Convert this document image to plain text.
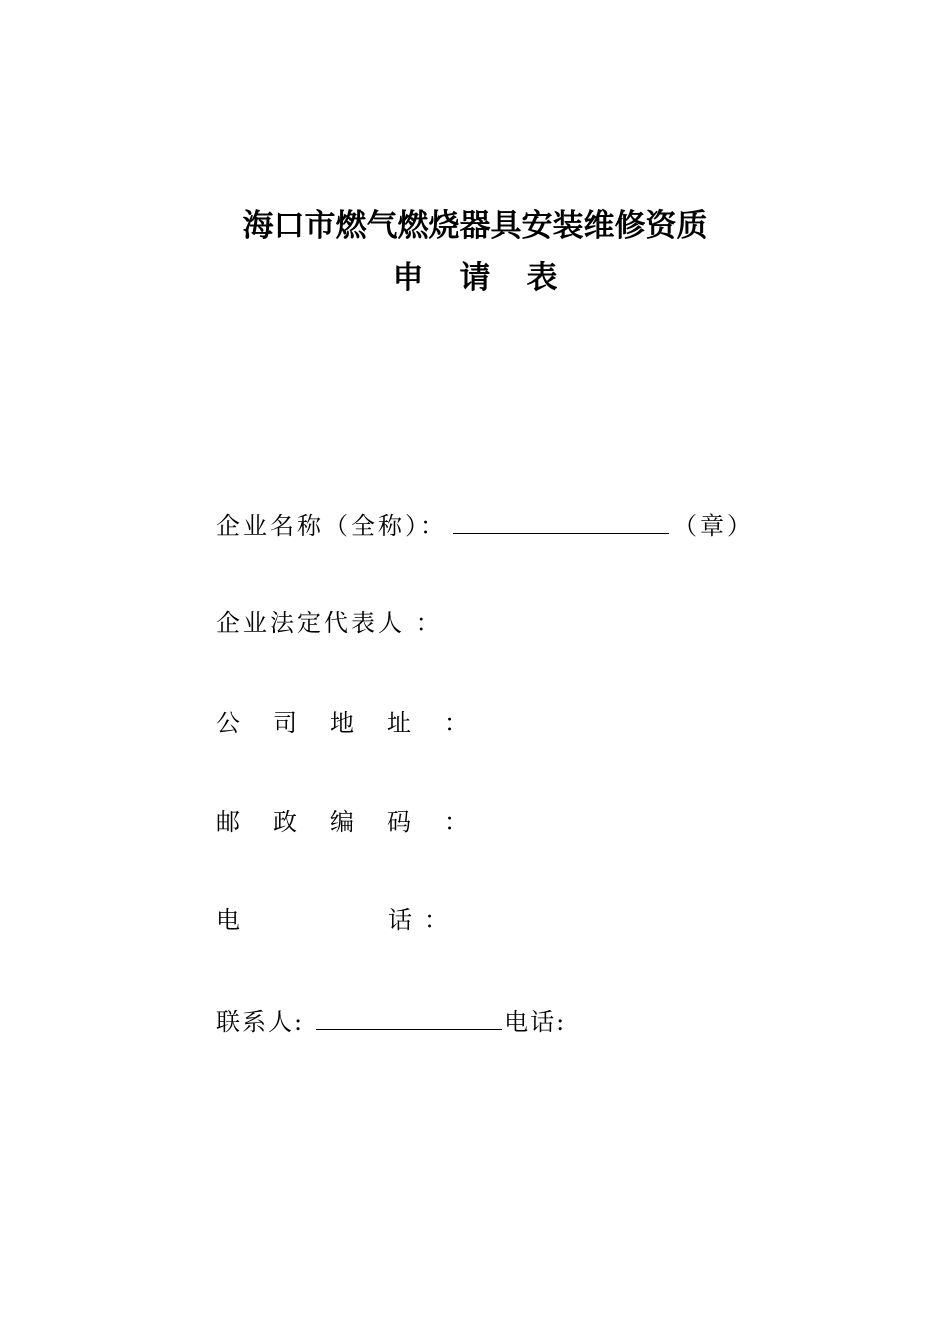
海口市燃气燃烧器具安装维修资质
申请表
企业名称（全称）：	（章）
企业法定代表人 ：
公司地址：
邮政编码：
电	话：
联系人:	电话:
